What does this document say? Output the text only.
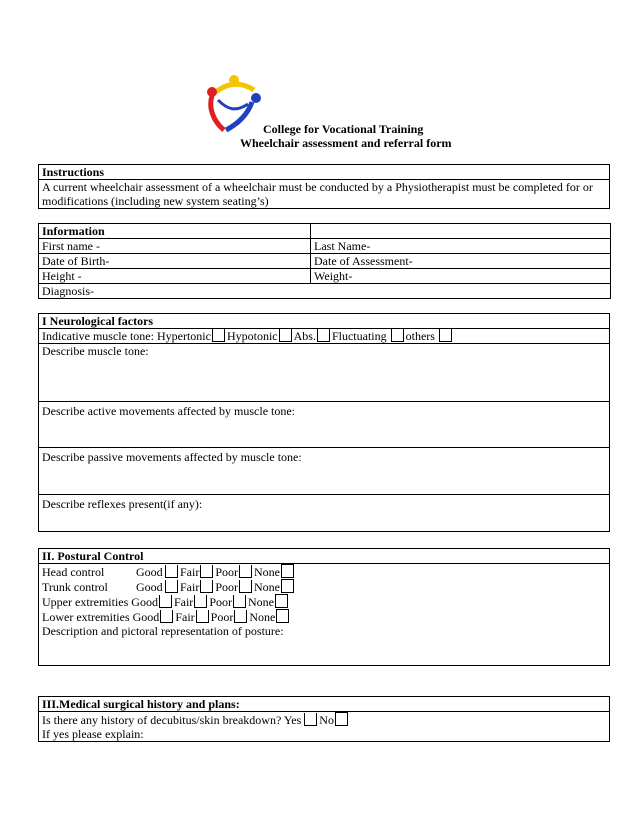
College for Vocational Training
Wheelchair assessment and referral form
Instructions
A current wheelchair assessment of a wheelchair must be conducted by a Physiotherapist must be completed for or modifications (including new system seating’s)
Information	
First name -	Last Name-
Date of Birth-	Date of Assessment-
Height -	Weight-
Diagnosis-	
I Neurological factors
Indicative muscle tone: Hypertonic Hypotonic Abs. Fluctuating others
Describe muscle tone:
Describe active movements affected by muscle tone:
Describe passive movements affected by muscle tone:
Describe reflexes present(if any):
II. Postural Control

Head control	Good Fair Poor None
Trunk control Good Fair Poor None
Upper extremities Good Fair Poor None
Lower extremities Good Fair Poor None
Description and pictoral representation of posture:
III.Medical surgical history and plans:

Is there any history of decubitus/skin breakdown? Yes No
If yes please explain:
